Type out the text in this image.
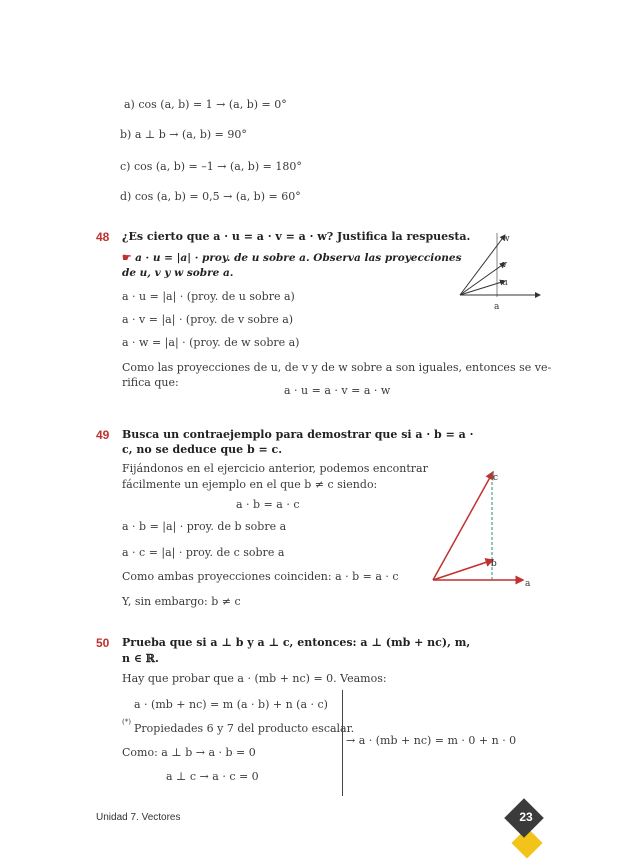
a) cos (a, b) = 1 → (a, b) = 0°
b) a ⊥ b → (a, b) = 90°
c) cos (a, b) = –1 → (a, b) = 180°
d) cos (a, b) = 0,5 → (a, b) = 60°
48 ¿Es cierto que a · u = a · v = a · w? Justifica la respuesta.
☛ a · u = |a| · proy. de u sobre a. Observa las proyecciones
de u, v y w sobre a.
a · u = |a| · (proy. de u sobre a)
a · v = |a| · (proy. de v sobre a)
a · w = |a| · (proy. de w sobre a)
Como las proyecciones de u, de v y de w sobre a son iguales, entonces se ve-
rifica que:
a · u = a · v = a · w
w
v
u
a
49 Busca un contraejemplo para demostrar que si a · b = a ·
c, no se deduce que b = c.
Fijándonos en el ejercicio anterior, podemos encontrar
fácilmente un ejemplo en el que b ≠ c siendo:
a · b = a · c
a · b = |a| · proy. de b sobre a
a · c = |a| · proy. de c sobre a
Como ambas proyecciones coinciden: a · b = a · c
Y, sin embargo: b ≠ c
c
b
a
50 Prueba que si a ⊥ b y a ⊥ c, entonces: a ⊥ (mb + nc), m,
n ∈ ℝ.
Hay que probar que a · (mb + nc) = 0. Veamos:
a · (mb + nc) = m (a · b) + n (a · c)
(*) Propiedades 6 y 7 del producto escalar.
Como: a ⊥ b → a · b = 0
a ⊥ c → a · c = 0
→ a · (mb + nc) = m · 0 + n · 0
Unidad 7. Vectores	23
